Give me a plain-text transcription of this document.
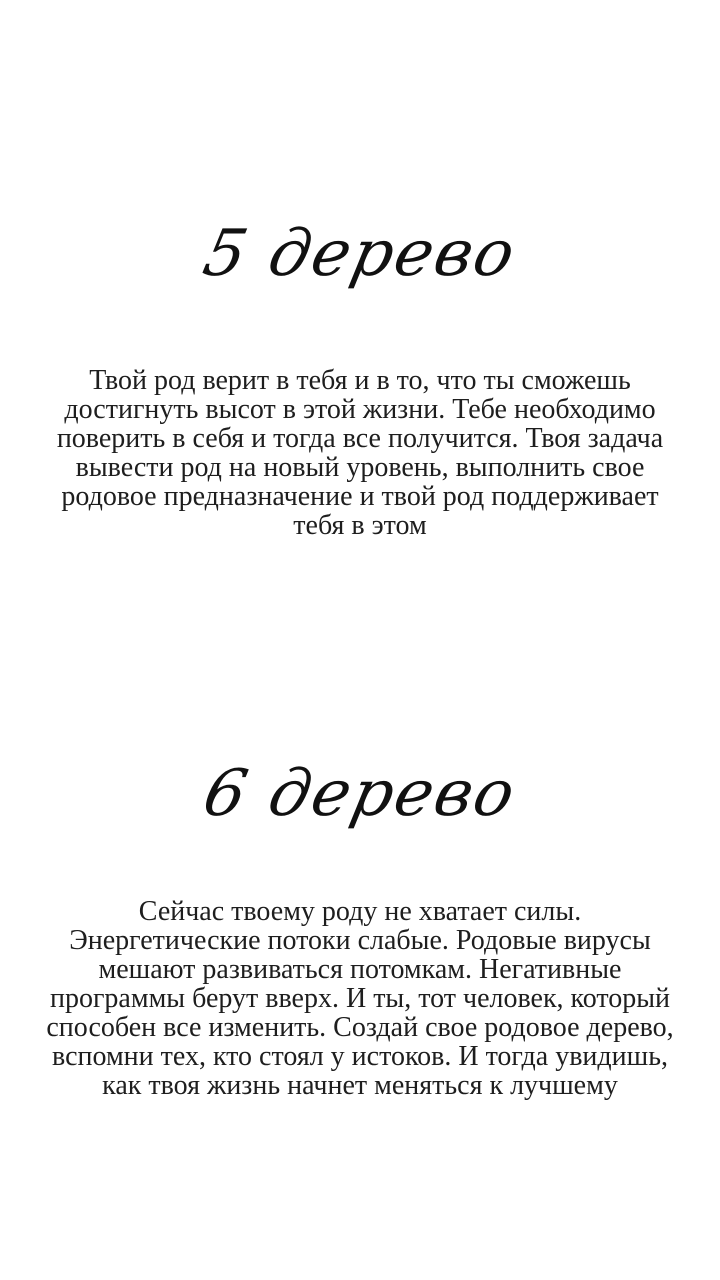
5 дерево

Твой род верит в тебя и в то, что ты сможешь достигнуть высот в этой жизни. Тебе необходимо поверить в себя и тогда все получится. Твоя задача вывести род на новый уровень, выполнить свое родовое предназначение и твой род поддерживает тебя в этом

6 дерево

Сейчас твоему роду не хватает силы. Энергетические потоки слабые. Родовые вирусы мешают развиваться потомкам. Негативные программы берут вверх. И ты, тот человек, который способен все изменить. Создай свое родовое дерево, вспомни тех, кто стоял у истоков. И тогда увидишь, как твоя жизнь начнет меняться к лучшему
